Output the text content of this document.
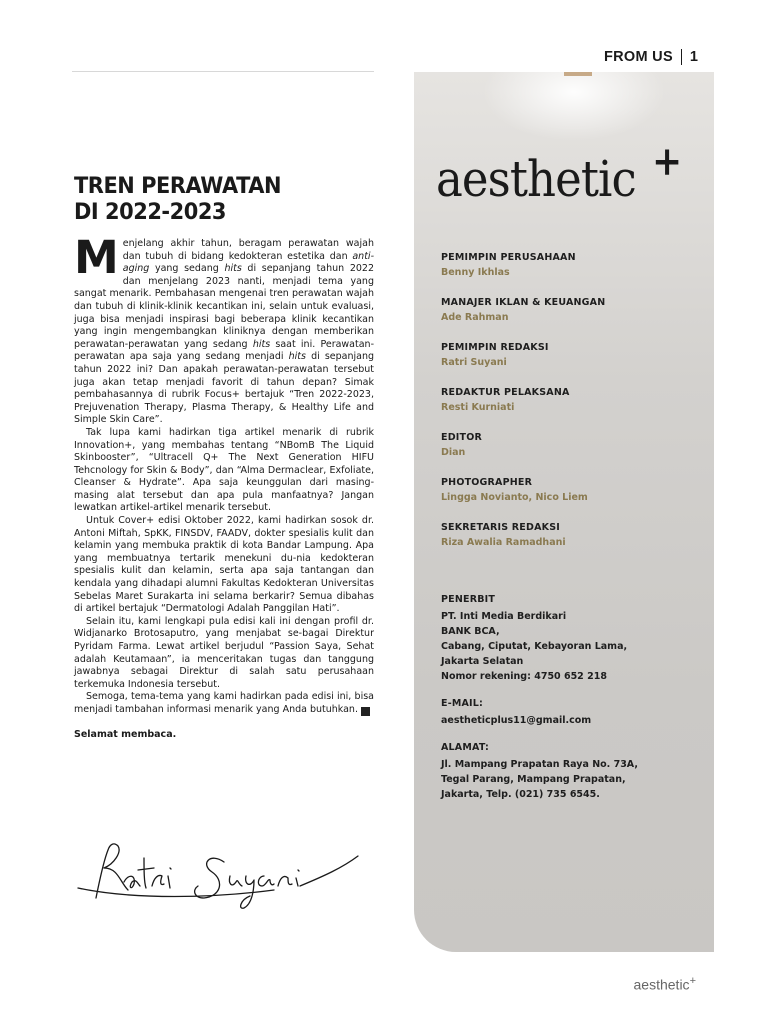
FROM US 1
TREN PERAWATAN
DI 2022-2023

Menjelang akhir tahun, beragam perawatan wajah dan tubuh di bidang kedokteran estetika dan anti-aging yang sedang hits di sepanjang tahun 2022 dan menjelang 2023 nanti, menjadi tema yang sangat menarik. Pembahasan mengenai tren perawatan wajah dan tubuh di klinik-klinik kecantikan ini, selain untuk evaluasi, juga bisa menjadi inspirasi bagi beberapa klinik kecantikan yang ingin mengembangkan kliniknya dengan memberikan perawatan-perawatan yang sedang hits saat ini. Perawatan-perawatan apa saja yang sedang menjadi hits di sepanjang tahun 2022 ini? Dan apakah perawatan-perawatan tersebut juga akan tetap menjadi favorit di tahun depan? Simak pembahasannya di rubrik Focus+ bertajuk “Tren 2022-2023, Prejuvenation Therapy, Plasma Therapy, & Healthy Life and Simple Skin Care”.

Tak lupa kami hadirkan tiga artikel menarik di rubrik Innovation+, yang membahas tentang “NBomB The Liquid Skinbooster”, “Ultracell Q+ The Next Generation HIFU Tehcnology for Skin & Body”, dan “Alma Dermaclear, Exfoliate, Cleanser & Hydrate”. Apa saja keunggulan dari masing-masing alat tersebut dan apa pula manfaatnya? Jangan lewatkan artikel-artikel menarik tersebut.

Untuk Cover+ edisi Oktober 2022, kami hadirkan sosok dr. Antoni Miftah, SpKK, FINSDV, FAADV, dokter spesialis kulit dan kelamin yang membuka praktik di kota Bandar Lampung. Apa yang membuatnya tertarik menekuni du-nia kedokteran spesialis kulit dan kelamin, serta apa saja tantangan dan kendala yang dihadapi alumni Fakultas Kedokteran Universitas Sebelas Maret Surakarta ini selama berkarir? Semua dibahas di artikel bertajuk “Dermatologi Adalah Panggilan Hati”.

Selain itu, kami lengkapi pula edisi kali ini dengan profil dr. Widjanarko Brotosaputro, yang menjabat se-bagai Direktur Pyridam Farma. Lewat artikel berjudul “Passion Saya, Sehat adalah Keutamaan”, ia menceritakan tugas dan tanggung jawabnya sebagai Direktur di salah satu perusahaan terkemuka Indonesia tersebut.

Semoga, tema-tema yang kami hadirkan pada edisi ini, bisa menjadi tambahan informasi menarik yang Anda butuhkan.	a+

Selamat membaca.
aesthetic +
PEMIMPIN PERUSAHAAN
Benny Ikhlas
MANAJER IKLAN & KEUANGAN
Ade Rahman
PEMIMPIN REDAKSI
Ratri Suyani
REDAKTUR PELAKSANA
Resti Kurniati
EDITOR
Dian
PHOTOGRAPHER
Lingga Novianto, Nico Liem
SEKRETARIS REDAKSI
Riza Awalia Ramadhani
PENERBIT
PT. Inti Media Berdikari
BANK BCA,
Cabang, Ciputat, Kebayoran Lama,
Jakarta Selatan
Nomor rekening: 4750 652 218
E-MAIL:
aestheticplus11@gmail.com
ALAMAT:
Jl. Mampang Prapatan Raya No. 73A,
Tegal Parang, Mampang Prapatan,
Jakarta, Telp. (021) 735 6545.
aesthetic+
